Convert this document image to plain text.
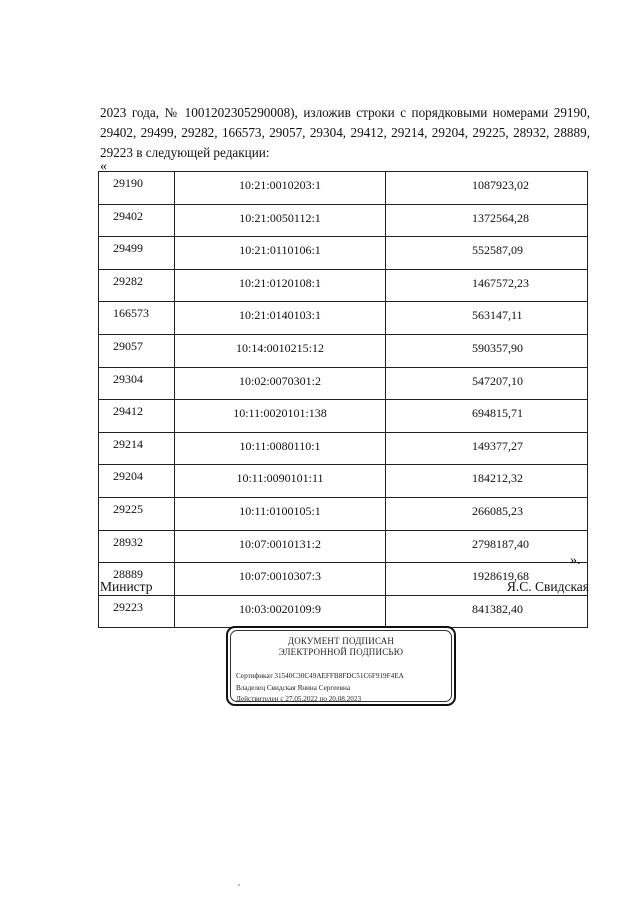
2023 года, № 1001202305290008), изложив строки с порядковыми номерами 29190, 29402, 29499, 29282, 166573, 29057, 29304, 29412, 29214, 29204, 29225, 28932, 28889, 29223 в следующей редакции:
«
29190	10:21:0010203:1	1087923,02
29402	10:21:0050112:1	1372564,28
29499	10:21:0110106:1	552587,09
29282	10:21:0120108:1	1467572,23
166573	10:21:0140103:1	563147,11
29057	10:14:0010215:12	590357,90
29304	10:02:0070301:2	547207,10
29412	10:11:0020101:138	694815,71
29214	10:11:0080110:1	149377,27
29204	10:11:0090101:11	184212,32
29225	10:11:0100105:1	266085,23
28932	10:07:0010131:2	2798187,40
28889	10:07:0010307:3	1928619,68
29223	10:03:0020109:9	841382,40
».
Министр	Я.С. Свидская
ДОКУМЕНТ ПОДПИСАН
ЭЛЕКТРОННОЙ ПОДПИСЬЮ
Сертификат 31540C30C49AEFFB8FDC51C6F919F4EA
Владелец Свидская Янина Сергеевна
Действителен с 27.05.2022 по 20.08.2023
